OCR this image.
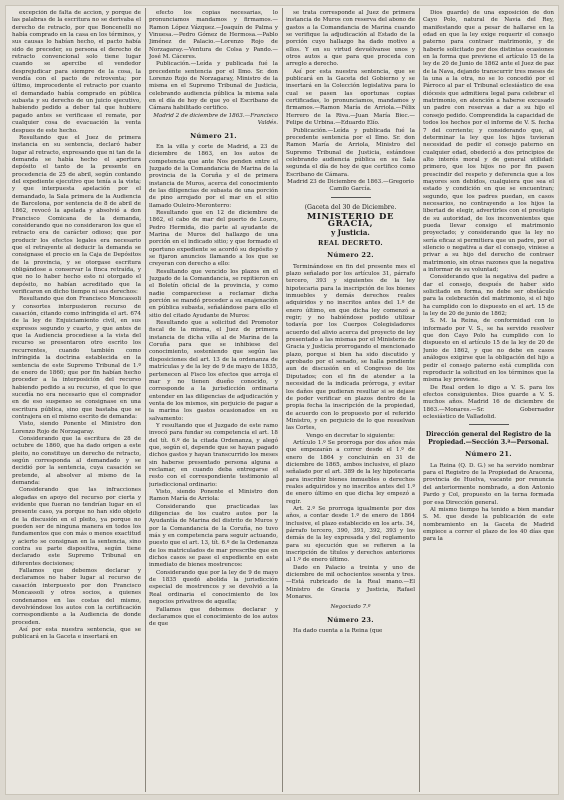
excepción de falta de accion, y porque de las palabras de la escritura no se derivaba el derecho de retraclo, por que Boncenelli no había comprado en la casa en los términos, y sus causas lo habían hecho, el pacto había sido de preceder, su persona el derecho de retracto convencional solo tiene lugar cuando se apercibe el vendedor desprejudicar para siempre de la cosa, la vendía con el pacto de retroventa; por último, improcedente el retracto por cuanto el demandado había comprado en pública subasta y su derecho de un juicio ejecutivo, habiendo pedido a deber tal que hubiere pagado antes se verificase el remate, por cualquier cosa de evacuación la venta despues de este hecho.

Resultando que el Juez de primera instancia en su sentencia, declaró haber lugar al retracto, expresando que ni tan de la demanda se había hecho el apertura depósito el tanto de la presente en procedencia de 25 de abril, según contando del expediente ejecutivo que tenía a la vista; y que interpuesta apelación por el demandado, la Sala primera de la Audiencia de Barcelona, por sentencia de 8 de abril de 1862, revocó la apelada y absolvió a don Francisco Comicana de la demanda, considerando que no consideraron los que el retracto era de carácter odioso; que por producir los efectos legales era necesario que el retrayente al deducir la demanda se consignase el precio en la Caja de Depósitos de la provincia, y se otorgase escritura obligándose a conservar la finca retraída, y que no lo haber hecho esto ni otorgado el depósito, no habían acreditado que la verificaron en dicho tiempo ni sus derechos:

Resultando que don Francisco Moncassoli y consortes interpusieron recurso de casación, citando como infringida el art. 674 de la ley de Enjuiciamiento civil, en sus expresos segundo y cuarto, y que antes de que la Audiencia procediese a la vista del recurso se presentaron otro escrito los recurrentes, cuando también como infringida la doctrina establecida en la sentencia de este Supremo Tribunal de 1.º de enero de 1860; que por fin habían hecho proceder a la interposición del recurso habiendo pedido a su recurso, el que lo que sucedía no era necesario que el comprador en de eso suspenso se consignase en una escritura pública, sino que bastaba que se contrajera en el mismo escrito de demanda:

Visto, siendo Ponente el Ministro don Lorenzo Rojo de Norzagaray.

Considerando que la escritura de 28 de octubre de 1860, que ha dado origen a este pleito, no constituye un derecho de retracto, según corresponda al demandado y se decidió por la sentencia, cuya casación se pretende, al absolver al mismo de la demanda:

Considerando que las infracciones alegadas en apoyo del recurso por cierta y evidente que fueran no tendrían lugar en el presente caso, ya porque no han sido objeto de la discusión en el pleito, ya porque no pueden ser de ninguna manera en todos los fundamentos que con más o menos exactitud y acierto se consignan en la sentencia, sino contra su parte dispositiva, según tiene declarado este Supremo Tribunal en diferentes decisiones;

Fallamos que debemos declarar y declaramos no haber lugar al recurso de casación interpuesto por don Francisco Moncassoli y otros socios, a quienes condenamos en las costas del mismo, devolviéndose los autos con la certificación correspondiente a la Audiencia de donde proceden.

Así por esta nuestra sentencia, que se publicará en la Gaceta e insertará en

efecto los copias necesarias, lo pronunciamos mandamos y firmamos.—Ramon López Vázquez.—Joaquín de Palma y Vinuesa.—Pedro Gómez de Hermosa.—Pablo Jiménez de Palacio.—Lorenzo Rojo de Norzagaray.—Ventura de Colsa y Pando.—José M. Cáceres.

Publicación.—Leída y publicada fué la precedente sentencia por el Ilmo. Sr. don Lorenzo Rojo de Norzagaray, Ministro de la misma en el Supremo Tribunal de Justicia, celebrando audiencia pública la misma sala en el día de hoy de que yo el Escribano de Cámara habilitado certifico.

Madrid 2 de diciembre de 1863.—Francisco Valdés.

Número 21.

En la villa y corte de Madrid, a 23 de diciembre de 1863, en los autos de competencia que ante Nos penden entre el Juzgado de la Comandancia de Marina de la provincia de la Coruña y el de primera instancia de Muros, acerca del conocimiento de las diligencias de subasta de una porción de pino arrojado por el mar en el sitio llamado Ouleiro-Meronterro:

Resultando que en 12 de diciembre de 1862, el cabo de mar del puerto de Louro, Pedro Hermida, dio parte al ayudante de Marina de Muros del hallazgo de una porción en el indicado sitio; y que formado el oportuno expediente se acordó su depósito y se fijaron anuncios llamando a los que se creyeran con derecho a ello:

Resultando que vencido los plazos en el Juzgado de la Comandancia, se repitieron en el Boletín oficial de la provincia, y como nadie compareciese a reclamar dicha porción se mandó proceder a su enajenación en pública subasta, señalándose para ello el sitio del citado Ayudante de Muros:

Resultando que a solicitud del Promotor fiscal de la misma, el Juez de primera instancia de dicha villa al de Marina de la Coruña para que se inhibiese del conocimiento, sosteniendo que según las disposiciones del art. 13 de la ordenanza de matrículas y de la ley de 9 de mayo de 1835, pertenecen al Fisco los efectos que arroja el mar y no tienen dueño conocido, y corresponde a la jurisdicción ordinaria entender en las diligencias de adjudicación y venta de los mismos, sin perjuicio de pagar a la marina los gastos ocasionados en su salvamento:

Y resultando que el Juzgado de este ramo invocó para fundar su competencia el art. 18 del tít. 6.º de la citada Ordenanza, y alegó que, según el, depende que se hayan pagado dichos gastos y hayan transcurrido los meses sin haberse presentado persona alguna a reclamar, en cuando deba entregarse el resto con el correspondiente testimonio al jurisdiccional ordinario:

Visto, siendo Ponente el Ministro don Ramon María de Arriola:

Considerando que practicadas las diligencias de los cuatro autos por la Ayudantía de Marina del distrito de Muros y por la Comandancia de la Coruña, no tuvo más y en competencia para seguir actuando, puesto que el art. 13, tít. 6.º de la Ordenanza de los matriculados de mar prescribe que en dichos casos se pase el expediente en este inmediato de bienes mostrencos:

Considerando que por la ley de 9 de mayo de 1835 quedó abolida la jurisdicción especial de mostrencos y se devolvió a la Real ordinaria el conocimiento de los negocios privativos de aquella;

Fallamos que debemos declarar y declaramos que el conocimiento de los autos de que

se trata corresponde al Juez de primera instancia de Muros con reserva del abono de gastos a la Comandancia de Marina cuando se verifique la adjudicación al Estado de la porción cuyo hallazgo ha dado motivo a ellos. Y en su virtud devuélvanse unos y otros autos a que para que proceda con arreglo a derecho.

Así por esta nuestra sentencia, que se publicará en la Gaceta del Gobierno y se insertará en la Colección legislativa para lo cual se pasen las oportunas copias certificadas, lo pronunciamos, mandamos y firmamos.—Ramon María de Arriola.—Félix Herrero de la Riva.—Juan María Biec.—Felipe de Urbina.—Eduardo Elío.

Publicación.—Leída y publicada fué la precedente sentencia por el Ilmo. Sr. don Ramon María de Arriola, Ministro del Supremo Tribunal de Justicia, estándose celebrando audiencia pública en su Sala segunda el día de hoy de que certifico como Escribano de Cámara.

Madrid 23 de Diciembre de 1863.—Gregorio Camilo García.

(Gaceta del 30 de Diciembre.
MINISTERIO DE GRACIA,
y Justicia.
REAL DECRETO.
Número 22.

Terminándose en fin del presente mes el plazo señalado por los artículos 31, párrafo tercero, 393 y siguientes de la ley hipotecaria para la inscripción de los bienes inmuebles y demás derechos reales adquiridos y no inscritos antes del 1.º de enero último, en que dicha ley comenzó a regir; y no habiéndose podido utilizar todavía por los Cuerpos Colegisladores acuerdo del alivio acerca del proyecto de ley presentado a las mismas por el Ministerio de Gracia y Justicia prorrogando el mencionado plazo, porque si bien ha sido discutido y aprobado por el senado, se halla pendiente aun de discusión en el Congreso de los Diputados; con el fin de atender a la necesidad de la indicada prórroga, y evitar los daños que pudieran resultar si se dejase de poder verificar en plazos dentro de la propia fecha la inscripción de la propiedad, de acuerdo con lo propuesto por el referido Ministro, y en perjuicio de lo que resuelvan las Cortes,

Vengo en decretar lo siguiente:

Artículo 1.º Se prorroga por dos años más que empezarán a correr desde el 1.º de enero de 1864 y concluirán en 31 de diciembre de 1865, ambos inclusive, el plazo señalado por el art. 389 de la ley hipotecaria para inscribir bienes inmuebles o derechos reales adquiridos y no inscritos antes del 1.º de enero último en que dicha ley empezó a regir.

Art. 2.º Se prorroga igualmente por dos años, a contar desde 1.º de enero de 1864 inclusive, el plazo establecido en los arts. 34, párrafo tercero, 390, 391, 392, 393 y los demás de la ley expresada y del reglamento para su ejecución que se refieren a la inscripción de títulos y derechos anteriores al 1.º de enero último.

Dado en Palacio a treinta y uno de diciembre de mil ochocientos sesenta y tres.—Está rubricado de la Real mano.—El Ministro de Gracia y Justicia, Rafael Monares.

Negociado 7.º
Número 23.

Ha dado cuenta a la Reina (que

Dios guarde) de una exposición de don Cayo Polo, natural de Navia del Rey, manifestando que a pesar de hallarse en la edad en que la ley exige requerir el consejo paterno para contraer matrimonio, y de haberle solicitado por dos distintas ocasiones en la forma que previene el artículo 15 de la ley de 20 de Junio de 1862 ante el Juez de paz de la Nava, dejando transcurrir tres meses de la una a la otra, no se lo concedió por el Párroco al par el Tribunal eclesiástico de esa diócesis que admitiera legal para celebrar el matrimonio, en atención a haberse excusado un padre con reservas a dar a su hijo el consejo pedido. Comprendida la capacidad de todos los hechos por el informe de V. S. fecha 7 del corriente; y considerando que, al determinar la ley que los hijos tuvieran necesidad de pedir el consejo paterno en cualquier edad, obedeció a dos principios de alto interés moral y de general utilidad: primero, que los hijos no por fin pasen prescindir del respeto y deferencia que a los mayores son debidos, cualquiera que sea el estado y condición en que se encuentran; segundo, que los padres puedan, en casos necesarios, no contrayendo a los hijos la libertad de elegir, advertirles con el prestigio de su autoridad, de los inconvenientes que pueda llevar consigo el matrimonio proyectado; y considerando que la ley no sería eficaz si permitiera que un padre, por el silencio o negativa a dar el consejo, viniese a privar a su hijo del derecho de contraer matrimonio, sin otras razones que la negativa a informar de su voluntad;

Considerando que la negativa del padre a dar el consejo, después de haber sido solicitado en forma, no debe ser obstáculo para la celebración del matrimonio, si el hijo ha cumplido con lo dispuesto en el art. 15 de la ley de 20 de junio de 1862;

S. M. la Reina, de conformidad con lo informado por V. S., se ha servido resolver que don Cayo Polo ha cumplido con lo dispuesto en el artículo 15 de la ley de 20 de Junio de 1862, y que no debe en casos análogos exigirse que la obligación del hijo a pedir el consejo paterno está cumplida con reproducir la solicitud en los términos que la misma ley previene.

De Real orden lo digo a V. S. para los efectos consiguientes. Dios guarde a V. S. muchos años. Madrid 16 de diciembre de 1863.—Monares.—Sr. Gobernador eclesiástico de Valladolid.

Dirección general del Registro de la Propiedad.—Sección 3.ª—Personal.
Número 21.

La Reina (Q. D. G.) se ha servido nombrar para el Registro de la Propiedad de Aracena, provincia de Huelva, vacante por renuncia del anteriormente nombrado, a don Antonio Pardo y Col, propuesto en la terna formada por esa Dirección general.

Al mismo tiempo ha tenido a bien mandar S. M. que desde la publicación de este nombramiento en la Gaceta de Madrid empiece a correr el plazo de los 40 días que para la
